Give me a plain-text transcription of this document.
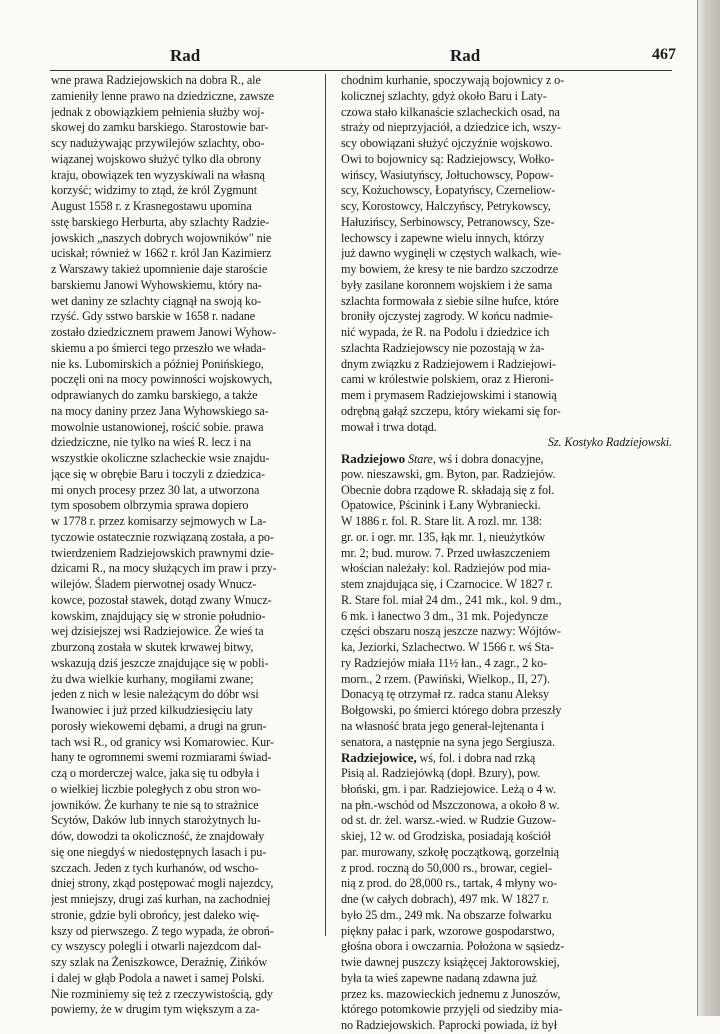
Rad	Rad	467
wne prawa Radziejowskich na dobra R., ale
zamieniły lenne prawo na dziedziczne, zawsze
jednak z obowiązkiem pełnienia służby woj-
skowej do zamku barskiego. Starostowie bar-
scy nadużywając przywilejów szlachty, obo-
wiązanej wojskowo służyć tylko dla obrony
kraju, obowiązek ten wyzyskiwali na własną
korzyść; widzimy to ztąd, że król Zygmunt
August 1558 r. z Krasnegostawu upomina
sstę barskiego Herburta, aby szlachty Radzie-
jowskich „naszych dobrych wojowników" nie
uciskał; również w 1662 r. król Jan Kazimierz
z Warszawy takież upomnienie daje staroście
barskiemu Janowi Wyhowskiemu, który na-
wet daniny ze szlachty ciągnął na swoją ko-
rzyść. Gdy sstwo barskie w 1658 r. nadane
zostało dziedzicznem prawem Janowi Wyhow-
skiemu a po śmierci tego przeszło we włada-
nie ks. Lubomirskich a później Ponińskiego,
poczęli oni na mocy powinności wojskowych,
odprawianych do zamku barskiego, a także
na mocy daniny przez Jana Wyhowskiego sa-
mowolnie ustanowionej, rościć sobie. prawa
dziedziczne, nie tylko na wieś R. lecz i na
wszystkie okoliczne szlacheckie wsie znajdu-
jące się w obrębie Baru i toczyli z dziedzica-
mi onych procesy przez 30 lat, a utworzona
tym sposobem olbrzymia sprawa dopiero
w 1778 r. przez komisarzy sejmowych w La-
tyczowie ostatecznie rozwiązaną została, a po-
twierdzeniem Radziejowskich prawnymi dzie-
dzicami R., na mocy służących im praw i przy-
wilejów. Śladem pierwotnej osady Wnucz-
kowce, pozostał stawek, dotąd zwany Wnucz-
kowskim, znajdujący się w stronie południo-
wej dzisiejszej wsi Radziejowice. Że wieś ta
zburzoną została w skutek krwawej bitwy,
wskazują dziś jeszcze znajdujące się w pobli-
żu dwa wielkie kurhany, mogiłami zwane;
jeden z nich w lesie należącym do dóbr wsi
Iwanowiec i już przed kilkudziesięciu laty
porosły wiekowemi dębami, a drugi na grun-
tach wsi R., od granicy wsi Komarowiec. Kur-
hany te ogromnemi swemi rozmiarami świad-
czą o morderczej walce, jaka się tu odbyła i
o wielkiej liczbie poległych z obu stron wo-
jowników. Że kurhany te nie są to strażnice
Scytów, Daków lub innych starożytnych lu-
dów, dowodzi ta okoliczność, że znajdowały
się one niegdyś w niedostępnych lasach i pu-
szczach. Jeden z tych kurhanów, od wscho-
dniej strony, zkąd postępować mogli najezdcy,
jest mniejszy, drugi zaś kurhan, na zachodniej
stronie, gdzie byli obrońcy, jest daleko wię-
kszy od pierwszego. Z tego wypada, że obroń-
cy wszyscy polegli i otwarli najezdcom dal-
szy szlak na Żeniszkowce, Deraźnię, Zińków
i dalej w głąb Podola a nawet i samej Polski.
Nie rozminiemy się też z rzeczywistością, gdy
powiemy, że w drugim tym większym a za-
chodnim kurhanie, spoczywają bojownicy z o-
kolicznej szlachty, gdyż około Baru i Laty-
czowa stało kilkanaście szlacheckich osad, na
straży od nieprzyjaciół, a dziedzice ich, wszy-
scy obowiązani służyć ojczyźnie wojskowo.
Owi to bojownicy są: Radziejowscy, Wołko-
wińscy, Wasiutyńscy, Jołtuchowscy, Popow-
scy, Kożuchowscy, Łopatyńscy, Czerneliow-
scy, Korostowcy, Halczyńscy, Petrykowscy,
Hałuzińscy, Serbinowscy, Petranowscy, Sze-
lechowscy i zapewne wielu innych, którzy
już dawno wyginęli w częstych walkach, wie-
my bowiem, że kresy te nie bardzo szczodrze
były zasilane koronnem wojskiem i że sama
szlachta formowała z siebie silne hufce, które
broniły ojczystej zagrody. W końcu nadmie-
nić wypada, że R. na Podolu i dziedzice ich
szlachta Radziejowscy nie pozostają w ża-
dnym związku z Radziejowem i Radziejowi-
cami w królestwie polskiem, oraz z Hieroni-
mem i prymasem Radziejowskimi i stanowią
odrębną gałąź szczepu, który wiekami się for-
mował i trwa dotąd.
Sz. Kostyko Radziejowski.
Radziejowo Stare, wś i dobra donacyjne,
pow. nieszawski, gm. Byton, par. Radziejów.
Obecnie dobra rządowe R. składają się z fol.
Opatowice, Pścinink i Łany Wybraniecki.
W 1886 r. fol. R. Stare lit. A rozl. mr. 138:
gr. or. i ogr. mr. 135, łąk mr. 1, nieużytków
mr. 2; bud. murow. 7. Przed uwłaszczeniem
włościan należały: kol. Radziejów pod mia-
stem znajdująca się, i Czarnocice. W 1827 r.
R. Stare fol. miał 24 dm., 241 mk., kol. 9 dm.,
6 mk. i łanectwo 3 dm., 31 mk. Pojedyncze
części obszaru noszą jeszcze nazwy: Wójtów-
ka, Jeziorki, Szlachectwo. W 1566 r. wś Sta-
ry Radziejów miała 11½ łan., 4 zagr., 2 ko-
morn., 2 rzem. (Pawiński, Wielkop., II, 27).
Donacyą tę otrzymał rz. radca stanu Aleksy
Bołgowski, po śmierci którego dobra przeszły
na własność brata jego generał-lejtenanta i
senatora, a następnie na syna jego Sergiusza.
Radziejowice, wś, fol. i dobra nad rzką
Pisią al. Radziejówką (dopł. Bzury), pow.
błoński, gm. i par. Radziejowice. Leżą o 4 w.
na płn.-wschód od Mszczonowa, a około 8 w.
od st. dr. żel. warsz.-wied. w Rudzie Guzow-
skiej, 12 w. od Grodziska, posiadają kościół
par. murowany, szkołę początkową, gorzelnią
z prod. roczną do 50,000 rs., browar, cegiel-
nią z prod. do 28,000 rs., tartak, 4 młyny wo-
dne (w całych dobrach), 497 mk. W 1827 r.
było 25 dm., 249 mk. Na obszarze folwarku
piękny pałac i park, wzorowe gospodarstwo,
głośna obora i owczarnia. Położona w sąsiedz-
twie dawnej puszczy książęcej Jaktorowskiej,
była ta wieś zapewne nadaną zdawna już
przez ks. mazowieckich jednemu z Junoszów,
którego potomkowie przyjęli od siedziby mia-
no Radziejowskich. Paprocki powiada, iż był
